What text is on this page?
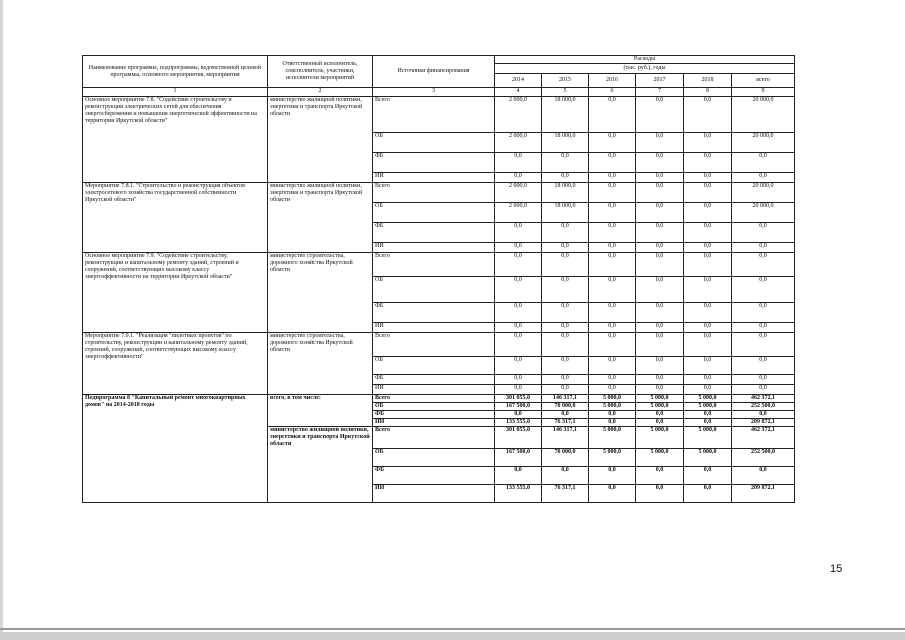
Наименование программы, подпрограммы, ведомственной целевой программы, основного мероприятия, мероприятия	Ответственный исполнитель, соисполнитель, участники, исполнители мероприятий	Источники финансирования	Расходы					
			(тыс. руб.), годы					
			2014	2015	2016	2017	2018	всего
1	2	3	4	5	6	7	8	9
Основное мероприятие 7.8. "Содействие строительству и реконструкции электрических сетей для обеспечения энергосбережения и повышения энергетической эффективности на территории Иркутской области"	министерство жилищной политики, энергетики и транспорта Иркутской области	Всего	2 000,0	18 000,0	0,0	0,0	0,0	20 000,0
		ОБ	2 000,0	18 000,0	0,0	0,0	0,0	20 000,0
		ФБ	0,0	0,0	0,0	0,0	0,0	0,0
		ИИ	0,0	0,0	0,0	0,0	0,0	0,0
Мероприятие 7.8.1. "Строительство и реконструкция объектов электросетевого хозяйства государственной собственности Иркутской области"	министерство жилищной политики, энергетики и транспорта Иркутской области	Всего	2 000,0	18 000,0	0,0	0,0	0,0	20 000,0
		ОБ	2 000,0	18 000,0	0,0	0,0	0,0	20 000,0
		ФБ	0,0	0,0	0,0	0,0	0,0	0,0
		ИИ	0,0	0,0	0,0	0,0	0,0	0,0
Основное мероприятие 7.9. "Содействие строительству, реконструкции и капитальному ремонту зданий, строений и сооружений, соответствующих высокому классу энергоэффективности на территории Иркутской области"	министерство строительства, дорожного хозяйства Иркутской области	Всего	0,0	0,0	0,0	0,0	0,0	0,0
		ОБ	0,0	0,0	0,0	0,0	0,0	0,0
		ФБ	0,0	0,0	0,0	0,0	0,0	0,0
		ИИ	0,0	0,0	0,0	0,0	0,0	0,0
Мероприятие 7.9.1. "Реализация "пилотных проектов" по строительству, реконструкции и капитальному ремонту зданий, строений, сооружений, соответствующих высокому классу энергоэффективности"	министерство строительства, дорожного хозяйства Иркутской области	Всего	0,0	0,0	0,0	0,0	0,0	0,0
		ОБ	0,0	0,0	0,0	0,0	0,0	0,0
		ФБ	0,0	0,0	0,0	0,0	0,0	0,0
		ИИ	0,0	0,0	0,0	0,0	0,0	0,0
Подпрограмма 8 "Капитальный ремонт многоквартирных домов" на 2014-2018 годы	всего, в том числе:	Всего	301 055,0	146 317,1	5 000,0	5 000,0	5 000,0	462 372,1
		ОБ	167 500,0	70 000,0	5 000,0	5 000,0	5 000,0	252 500,0
		ФБ	0,0	0,0	0,0	0,0	0,0	0,0
		ИИ	133 555,0	76 317,1	0,0	0,0	0,0	209 872,1
	министерство жилищной политики, энергетики и транспорта Иркутской области	Всего	301 055,0	146 317,1	5 000,0	5 000,0	5 000,0	462 372,1
		ОБ	167 500,0	70 000,0	5 000,0	5 000,0	5 000,0	252 500,0
		ФБ	0,0	0,0	0,0	0,0	0,0	0,0
		ИИ	133 555,0	76 317,1	0,0	0,0	0,0	209 872,1
15
